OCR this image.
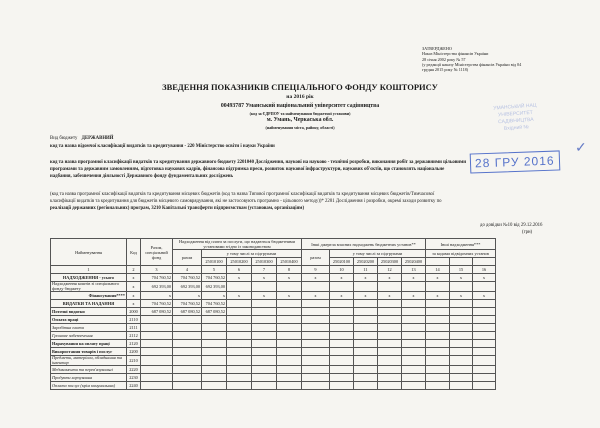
ЗАТВЕРДЖЕНО
Наказ Міністерства фінансів України
28 січня 2002 року № 57
(у редакції наказу Міністерства фінансів України від 04
грудня 2015 року № 1118)
УМАНСЬКИЙ НАЦ
УНІВЕРСИТЕТ
САДІВНИЦТВА
Вхідний №
28 ГРУ 2016
✓
ЗВЕДЕННЯ ПОКАЗНИКІВ СПЕЦІАЛЬНОГО ФОНДУ КОШТОРИСУ
на 2016 рік
00493787 Уманський національний університет садівництва
(код за ЄДРПОУ та найменування бюджетної установи)
м. Умань, Черкаська обл.
(найменування міста, району, області)
Вид бюджету ДЕРЖАВНИЙ
код та назва відомчої класифікації видатків та кредитування - 220 Міністерство освіти і науки України
код та назва програмної класифікації видатків та кредитування державного бюджету 2201040 Дослідження, наукові на науково - технічні розробки, виконання робіт за державними цільовими
програмами та державним замовленням, підготовка наукових кадрів, фінансова підтримка преси, розвиток наукової інфраструктури, наукових об'єктів, що становлять національне
надбання, забезпечення діяльності Державного фонду фундаментальних досліджень
(код та назва програмної класифікації видатків та кредитування місцевих бюджетів (код та назва Типової програмної класифікації видатків та кредитування місцевих бюджетів/Тимчасової
класифікації видатків та кредитування для бюджетів місцевого самоврядування, які не застосовують програмно - цільового методу))* 2281 Дослідження і розробки, окремі заходи розвитку по
реалізації державних (регіональних) програм, 3210 Капітальні трансферти підприємствам (установам, організаціям)
до довідки №10 від 29.12.2016
(грн)
Найменування	Код	Разом, спеціальний фонд	Надходження від плати за послуги, що надаються бюджетними установами згідно із законодавством					Інші джерела власних надходжень бюджетних установ**					Інші надходження***		
			разом	у тому числі за підгрупами				разом	у тому числі за підгрупами				за кодами підвідомчих установ		
				25010100	25010200	25010300	25010400		25020100	25020200	25020300	25020400			
1	2	3	4	5	6	7	8	9	10	11	12	13	14	15	16
НАДХОДЖЕННЯ - усього	x	704 760,52	704 760,52	704 760,52	x	x	x	x	x	x	x	x	x	x	x
Надходження коштів зі спеціального фонду бюджету	x	692 393,00	692 393,00	692 393,00											
Фінансування****	x	x	x	x	x	x	x	x	x	x	x	x	x	x	x
ВИДАТКИ ТА НАДАННЯ	x	704 760,52	704 760,52	704 760,52											
Поточні видатки	2000	687 080,52	687 080,52	687 080,52											
Оплата праці	2110														
Заробітна плата	2111														
Грошове забезпечення	2112														
Нарахування на оплату праці	2120														
Використання товарів і послуг	2200														
Предмети, матеріали, обладнання та інвентар	2210														
Медикаменти та перев'язувальні	2220														
Продукти харчування	2230														
Оплата послуг (крім комунальних)	2240														
